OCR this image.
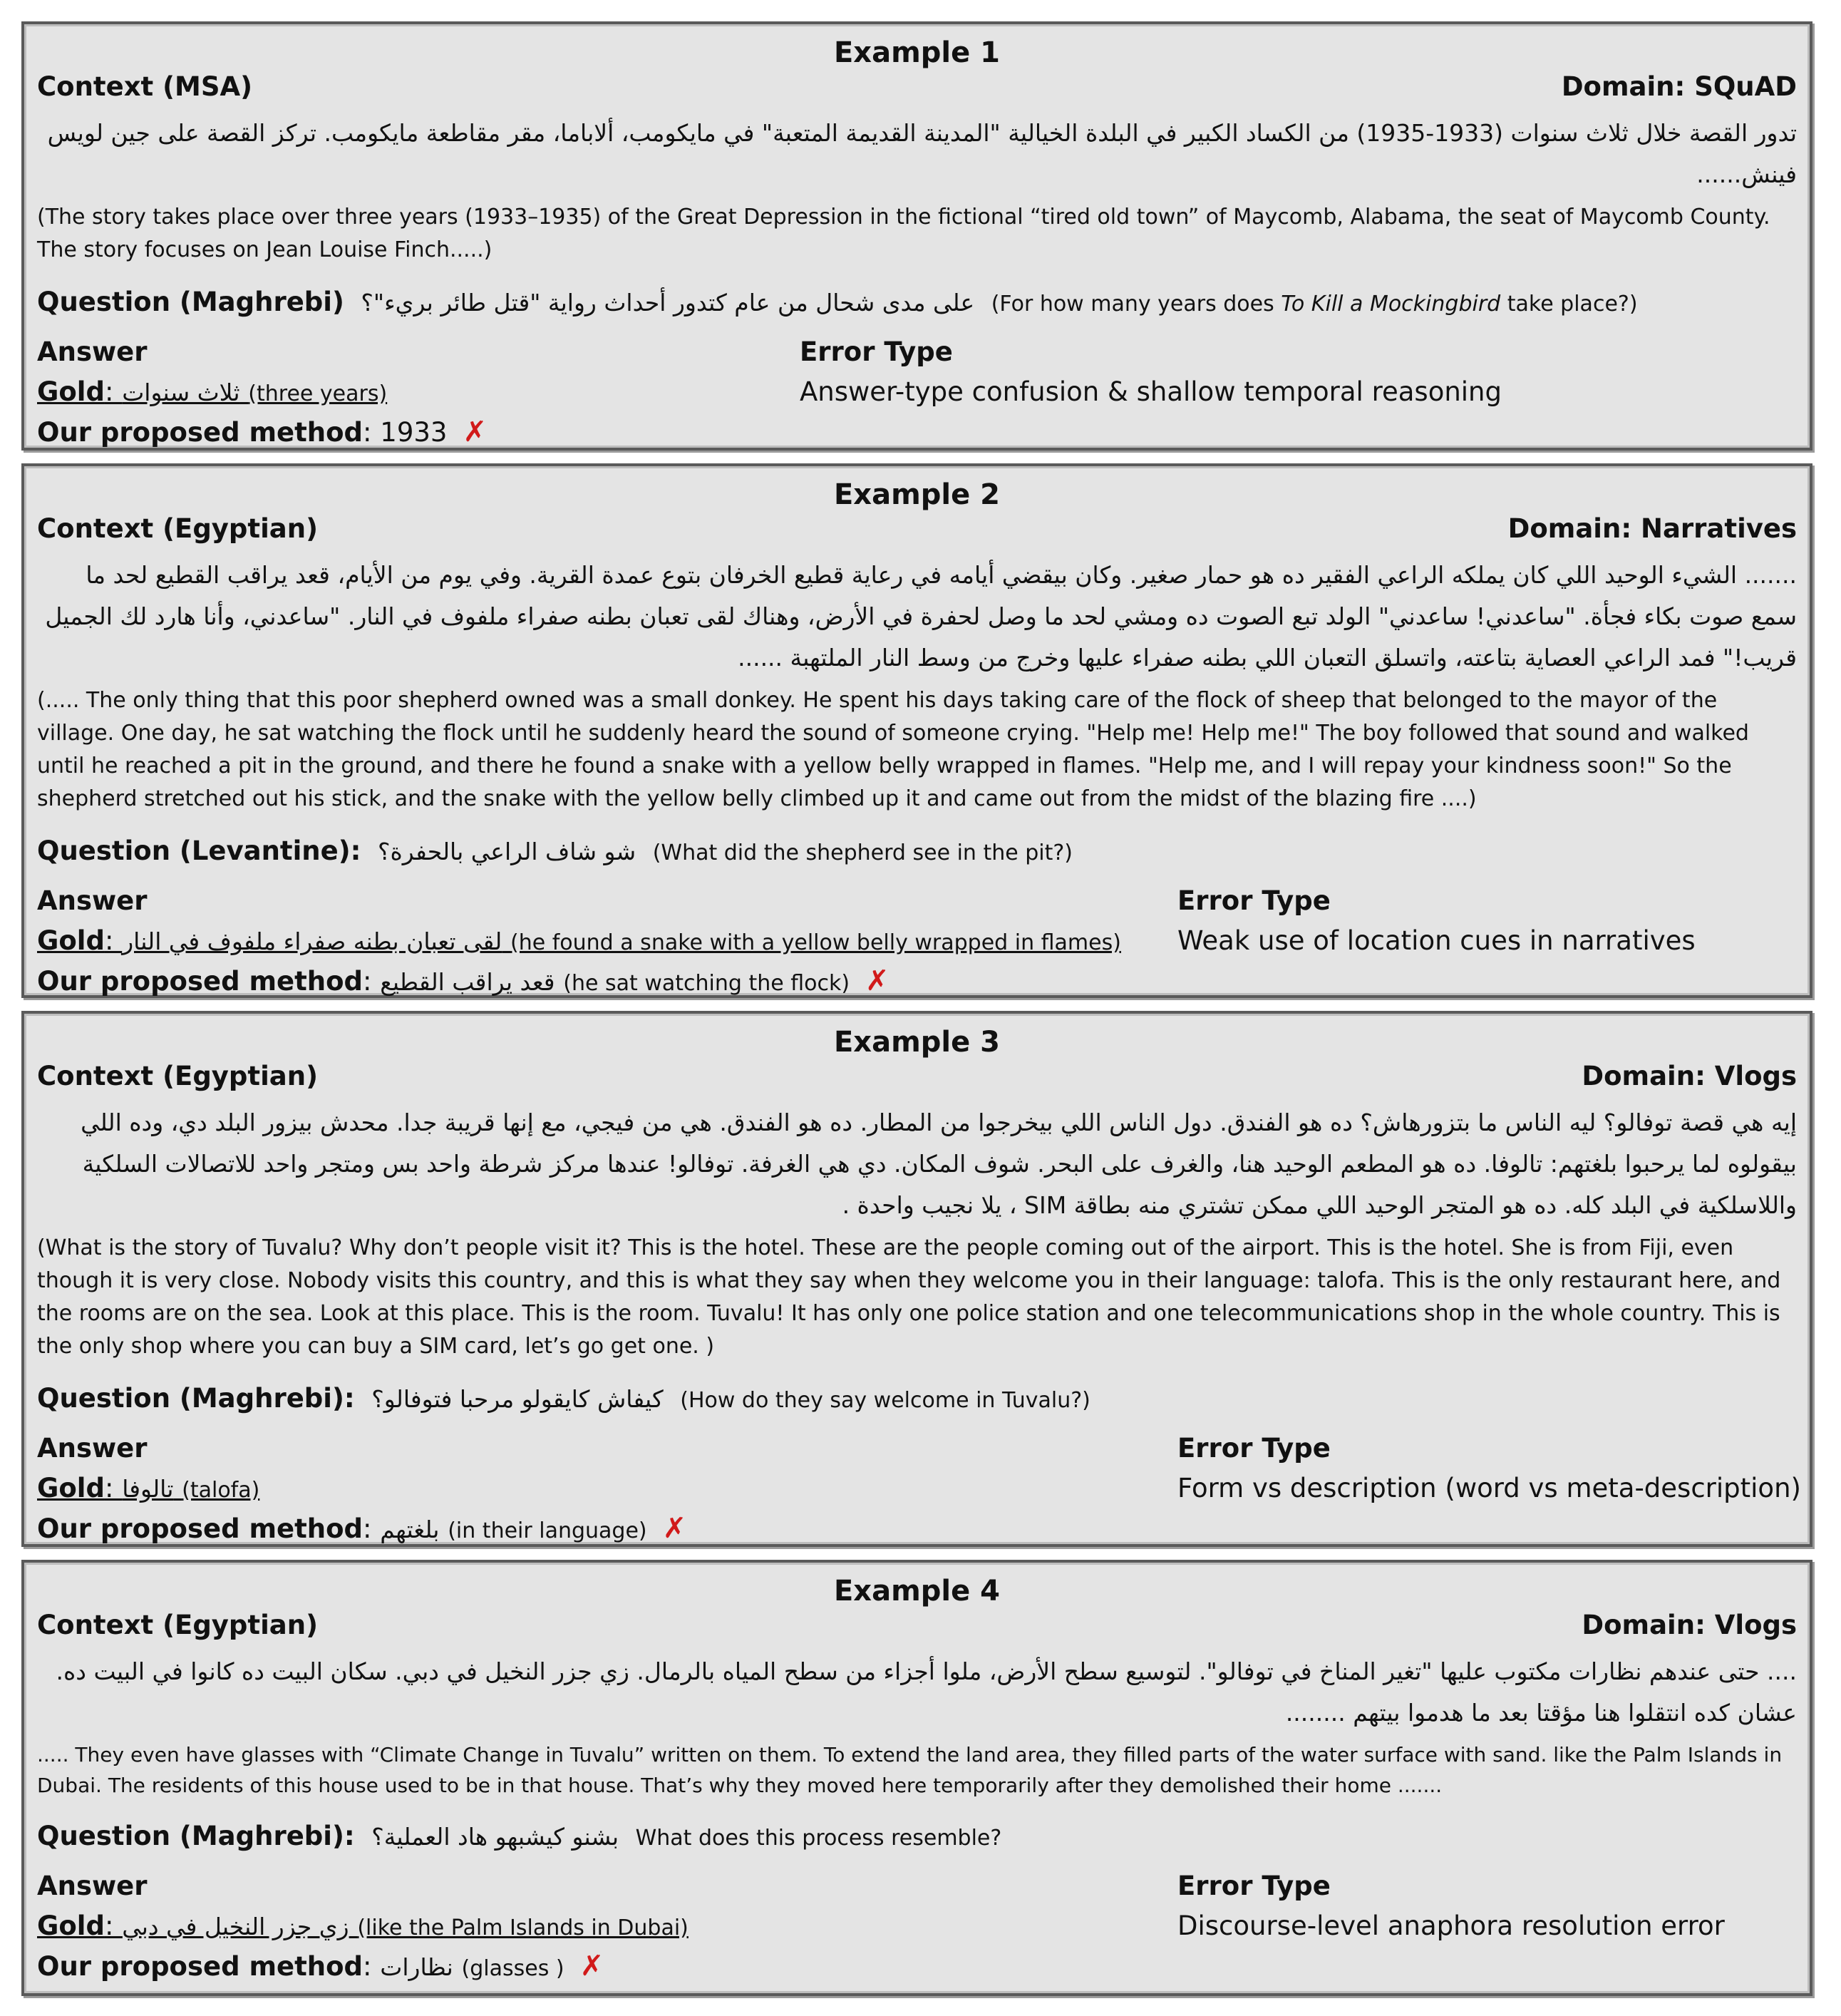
Example 1
Context (MSA)	Domain: SQuAD
تدور القصة خلال ثلاث سنوات (1933-1935) من الكساد الكبير في البلدة الخيالية "المدينة القديمة المتعبة" في مايكومب، ألاباما، مقر مقاطعة مايكومب. تركز القصة على جين لويس فينش......
(The story takes place over three years (1933–1935) of the Great Depression in the fictional “tired old town” of Maycomb, Alabama, the seat of Maycomb County. The story focuses on Jean Louise Finch.....)
Question (Maghrebi) على مدى شحال من عام كتدور أحداث رواية "قتل طائر بريء"؟ (For how many years does To Kill a Mockingbird take place?)
Answer
Gold: ثلاث سنوات (three years)
Our proposed method: 1933 ✗
Error Type
Answer-type confusion & shallow temporal reasoning
Example 2
Context (Egyptian)	Domain: Narratives
....... الشيء الوحيد اللي كان يملكه الراعي الفقير ده هو حمار صغير. وكان بيقضي أيامه في رعاية قطيع الخرفان بتوع عمدة القرية. وفي يوم من الأيام، قعد يراقب القطيع لحد ما سمع صوت بكاء فجأة. "ساعدني! ساعدني" الولد تبع الصوت ده ومشي لحد ما وصل لحفرة في الأرض، وهناك لقى تعبان بطنه صفراء ملفوف في النار. "ساعدني، وأنا هارد لك الجميل قريب!" فمد الراعي العصاية بتاعته، واتسلق التعبان اللي بطنه صفراء عليها وخرج من وسط النار الملتهبة ......
(..... The only thing that this poor shepherd owned was a small donkey. He spent his days taking care of the flock of sheep that belonged to the mayor of the village. One day, he sat watching the flock until he suddenly heard the sound of someone crying. "Help me! Help me!" The boy followed that sound and walked until he reached a pit in the ground, and there he found a snake with a yellow belly wrapped in flames. "Help me, and I will repay your kindness soon!" So the shepherd stretched out his stick, and the snake with the yellow belly climbed up it and came out from the midst of the blazing fire ....)
Question (Levantine): شو شاف الراعي بالحفرة؟ (What did the shepherd see in the pit?)
Answer
Gold: لقى تعبان بطنه صفراء ملفوف في النار (he found a snake with a yellow belly wrapped in flames)
Our proposed method: قعد يراقب القطيع (he sat watching the flock) ✗
Error Type
Weak use of location cues in narratives
Example 3
Context (Egyptian)	Domain: Vlogs
إيه هي قصة توفالو؟ ليه الناس ما بتزورهاش؟ ده هو الفندق. دول الناس اللي بيخرجوا من المطار. ده هو الفندق. هي من فيجي، مع إنها قريبة جدا. محدش بيزور البلد دي، وده اللي بيقولوه لما يرحبوا بلغتهم: تالوفا. ده هو المطعم الوحيد هنا، والغرف على البحر. شوف المكان. دي هي الغرفة. توفالو! عندها مركز شرطة واحد بس ومتجر واحد للاتصالات السلكية واللاسلكية في البلد كله. ده هو المتجر الوحيد اللي ممكن تشتري منه بطاقة SIM ، يلا نجيب واحدة .
(What is the story of Tuvalu? Why don’t people visit it? This is the hotel. These are the people coming out of the airport. This is the hotel. She is from Fiji, even though it is very close. Nobody visits this country, and this is what they say when they welcome you in their language: talofa. This is the only restaurant here, and the rooms are on the sea. Look at this place. This is the room. Tuvalu! It has only one police station and one telecommunications shop in the whole country. This is the only shop where you can buy a SIM card, let’s go get one. )
Question (Maghrebi): كيفاش كايقولو مرحبا فتوفالو؟ (How do they say welcome in Tuvalu?)
Answer
Gold: تالوفا (talofa)
Our proposed method: بلغتهم (in their language) ✗
Error Type
Form vs description (word vs meta-description)
Example 4
Context (Egyptian)	Domain: Vlogs
.... حتى عندهم نظارات مكتوب عليها "تغير المناخ في توفالو". لتوسيع سطح الأرض، ملوا أجزاء من سطح المياه بالرمال. زي جزر النخيل في دبي. سكان البيت ده كانوا في البيت ده. عشان كده انتقلوا هنا مؤقتا بعد ما هدموا بيتهم ........
..... They even have glasses with “Climate Change in Tuvalu” written on them. To extend the land area, they filled parts of the water surface with sand. like the Palm Islands in Dubai. The residents of this house used to be in that house. That’s why they moved here temporarily after they demolished their home .......
Question (Maghrebi): بشنو كيشبهو هاد العملية؟ What does this process resemble?
Answer
Gold: زي جزر النخيل في دبي (like the Palm Islands in Dubai)
Our proposed method: نظارات (glasses ) ✗
Error Type
Discourse-level anaphora resolution error
